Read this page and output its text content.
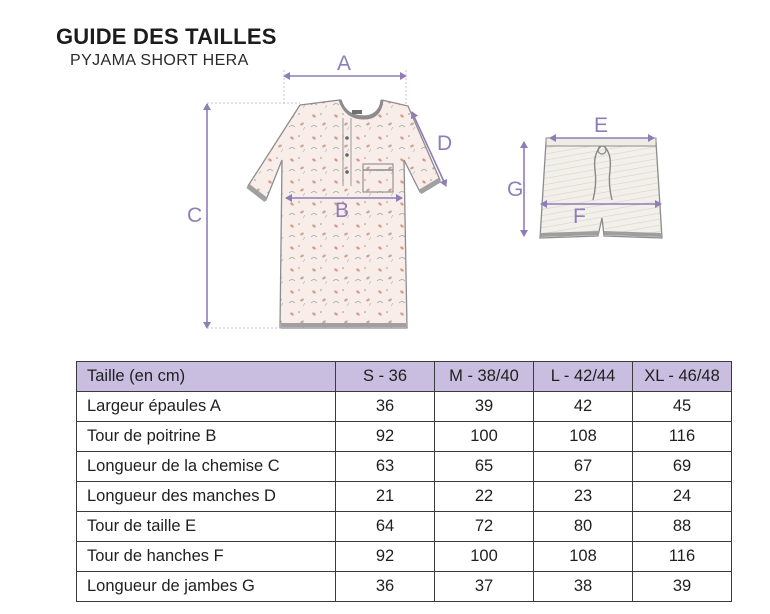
GUIDE DES TAILLES
PYJAMA SHORT HERA	A
B
C
D
E
F
G
Taille (en cm)	S - 36	M - 38/40	L - 42/44	XL - 46/48
Largeur épaules A	36	39	42	45
Tour de poitrine B	92	100	108	116
Longueur de la chemise C	63	65	67	69
Longueur des manches D	21	22	23	24
Tour de taille E	64	72	80	88
Tour de hanches F	92	100	108	116
Longueur de jambes G	36	37	38	39
